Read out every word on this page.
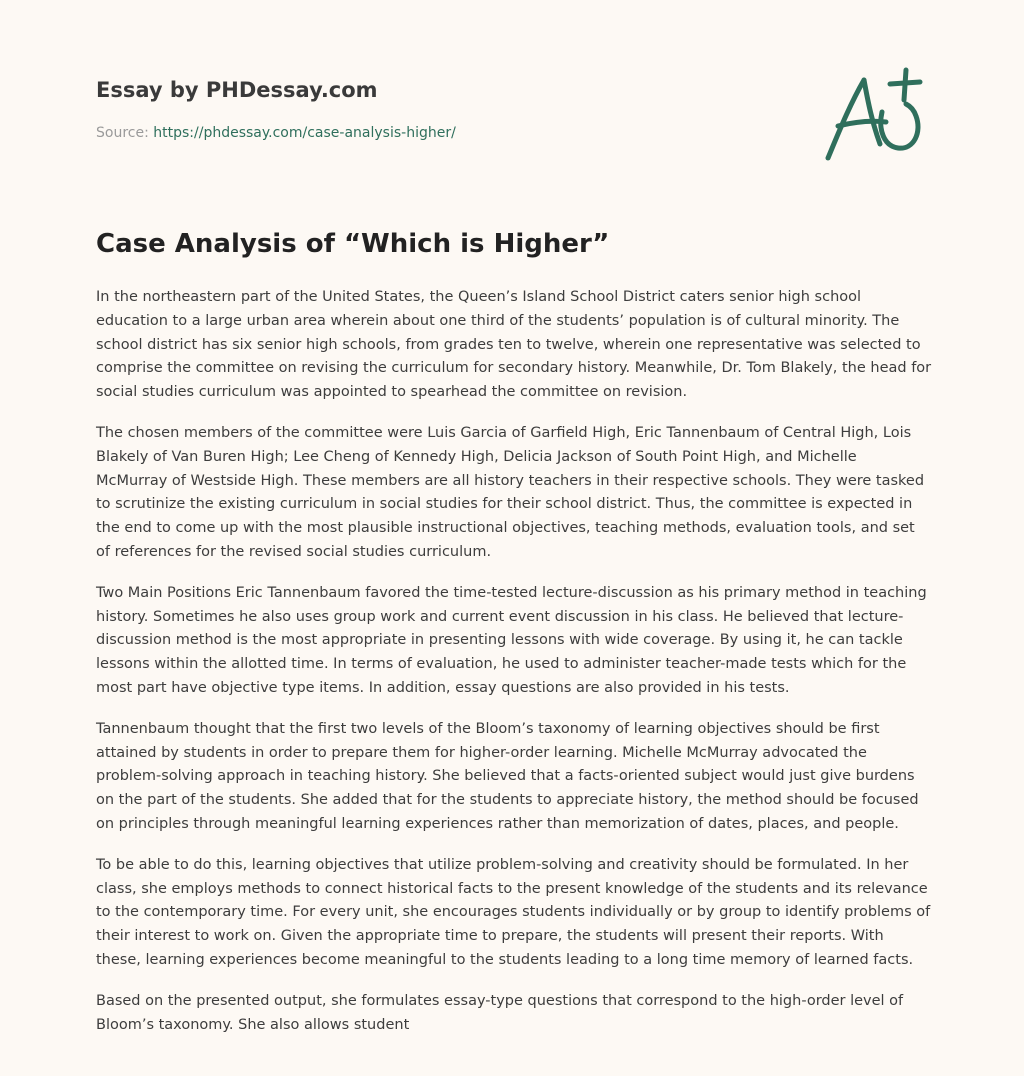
Essay by PHDessay.com
Source: https://phdessay.com/case-analysis-higher/
Case Analysis of “Which is Higher”

In the northeastern part of the United States, the Queen’s Island School District caters senior high school education to a large urban area wherein about one third of the students’ population is of cultural minority. The school district has six senior high schools, from grades ten to twelve, wherein one representative was selected to comprise the committee on revising the curriculum for secondary history. Meanwhile, Dr. Tom Blakely, the head for social studies curriculum was appointed to spearhead the committee on revision.

The chosen members of the committee were Luis Garcia of Garfield High, Eric Tannenbaum of Central High, Lois Blakely of Van Buren High; Lee Cheng of Kennedy High, Delicia Jackson of South Point High, and Michelle McMurray of Westside High. These members are all history teachers in their respective schools. They were tasked to scrutinize the existing curriculum in social studies for their school district. Thus, the committee is expected in the end to come up with the most plausible instructional objectives, teaching methods, evaluation tools, and set of references for the revised social studies curriculum.

Two Main Positions Eric Tannenbaum favored the time-tested lecture-discussion as his primary method in teaching history. Sometimes he also uses group work and current event discussion in his class. He believed that lecture-discussion method is the most appropriate in presenting lessons with wide coverage. By using it, he can tackle lessons within the allotted time. In terms of evaluation, he used to administer teacher-made tests which for the most part have objective type items. In addition, essay questions are also provided in his tests.

Tannenbaum thought that the first two levels of the Bloom’s taxonomy of learning objectives should be first attained by students in order to prepare them for higher-order learning. Michelle McMurray advocated the problem-solving approach in teaching history. She believed that a facts-oriented subject would just give burdens on the part of the students. She added that for the students to appreciate history, the method should be focused on principles through meaningful learning experiences rather than memorization of dates, places, and people.

To be able to do this, learning objectives that utilize problem-solving and creativity should be formulated. In her class, she employs methods to connect historical facts to the present knowledge of the students and its relevance to the contemporary time. For every unit, she encourages students individually or by group to identify problems of their interest to work on. Given the appropriate time to prepare, the students will present their reports. With these, learning experiences become meaningful to the students leading to a long time memory of learned facts.

Based on the presented output, she formulates essay-type questions that correspond to the high-order level of Bloom’s taxonomy. She also allows student
